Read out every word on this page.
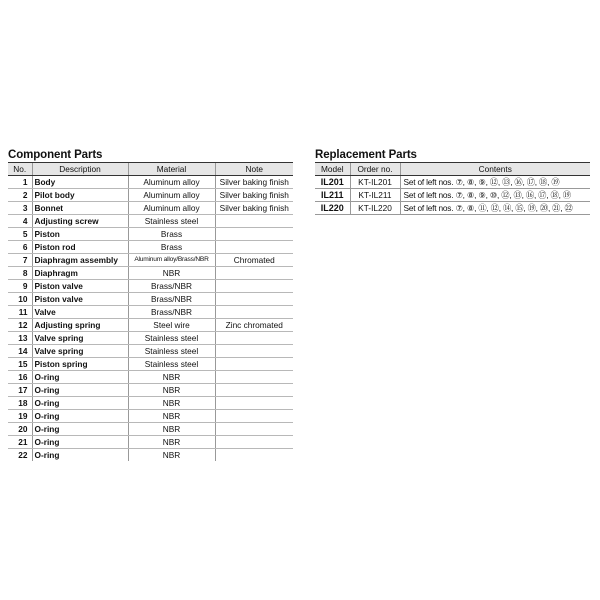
Component Parts
No.	Description	Material	Note
1	Body	Aluminum alloy	Silver baking finish
2	Pilot body	Aluminum alloy	Silver baking finish
3	Bonnet	Aluminum alloy	Silver baking finish
4	Adjusting screw	Stainless steel	
5	Piston	Brass	
6	Piston rod	Brass	
7	Diaphragm assembly	Aluminum alloy/Brass/NBR	Chromated
8	Diaphragm	NBR	
9	Piston valve	Brass/NBR	
10	Piston valve	Brass/NBR	
11	Valve	Brass/NBR	
12	Adjusting spring	Steel wire	Zinc chromated
13	Valve spring	Stainless steel	
14	Valve spring	Stainless steel	
15	Piston spring	Stainless steel	
16	O-ring	NBR	
17	O-ring	NBR	
18	O-ring	NBR	
19	O-ring	NBR	
20	O-ring	NBR	
21	O-ring	NBR	
22	O-ring	NBR	
Replacement Parts
Model	Order no.	Contents
IL201	KT-IL201	Set of left nos. ⑦, ⑧, ⑨, ⑫, ⑬, ⑯, ⑰, ⑱, ⑲
IL211	KT-IL211	Set of left nos. ⑦, ⑧, ⑨, ⑩, ⑫, ⑬, ⑯, ⑰, ⑱, ⑲
IL220	KT-IL220	Set of left nos. ⑦, ⑧, ⑪, ⑫, ⑭, ⑮, ⑲, ⑳, ㉑, ㉒
